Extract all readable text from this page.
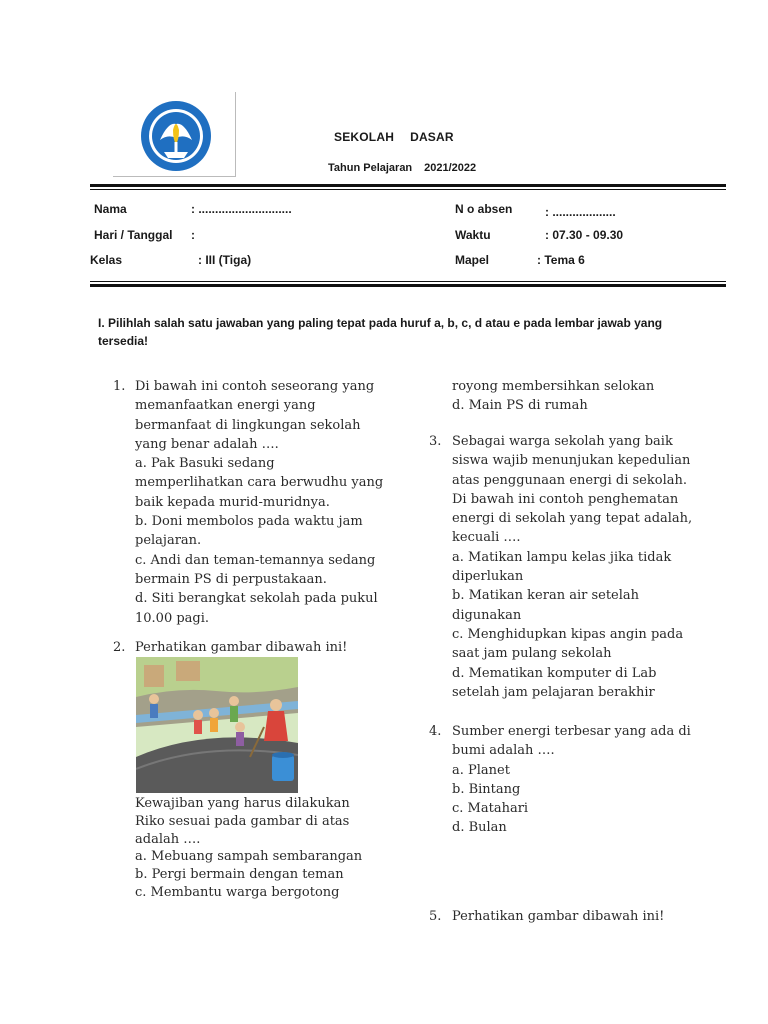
SEKOLAH DASAR
Tahun Pelajaran 2021/2022
Nama	: ............................
Hari / Tanggal :
Kelas	: III (Tiga)
N o absen	: ...................
Waktu	: 07.30 - 09.30
Mapel	: Tema 6
I. Pilihlah salah satu jawaban yang paling tepat pada huruf a, b, c, d atau e pada lembar jawab yang tersedia!
1. Di bawah ini contoh seseorang yang
memanfaatkan energi yang
bermanfaat di lingkungan sekolah
yang benar adalah ….
a. Pak Basuki sedang
memperlihatkan cara berwudhu yang
baik kepada murid-muridnya.
b. Doni membolos pada waktu jam
pelajaran.
c. Andi dan teman-temannya sedang
bermain PS di perpustakaan.
d. Siti berangkat sekolah pada pukul
10.00 pagi.
2. Perhatikan gambar dibawah ini!
Kewajiban yang harus dilakukan
Riko sesuai pada gambar di atas
adalah ….
a. Mebuang sampah sembarangan
b. Pergi bermain dengan teman
c. Membantu warga bergotong
royong membersihkan selokan
d. Main PS di rumah
3. Sebagai warga sekolah yang baik
siswa wajib menunjukan kepedulian
atas penggunaan energi di sekolah.
Di bawah ini contoh penghematan
energi di sekolah yang tepat adalah,
kecuali ….
a. Matikan lampu kelas jika tidak
diperlukan
b. Matikan keran air setelah
digunakan
c. Menghidupkan kipas angin pada
saat jam pulang sekolah
d. Mematikan komputer di Lab
setelah jam pelajaran berakhir
4. Sumber energi terbesar yang ada di
bumi adalah ….
a. Planet
b. Bintang
c. Matahari
d. Bulan
5. Perhatikan gambar dibawah ini!
